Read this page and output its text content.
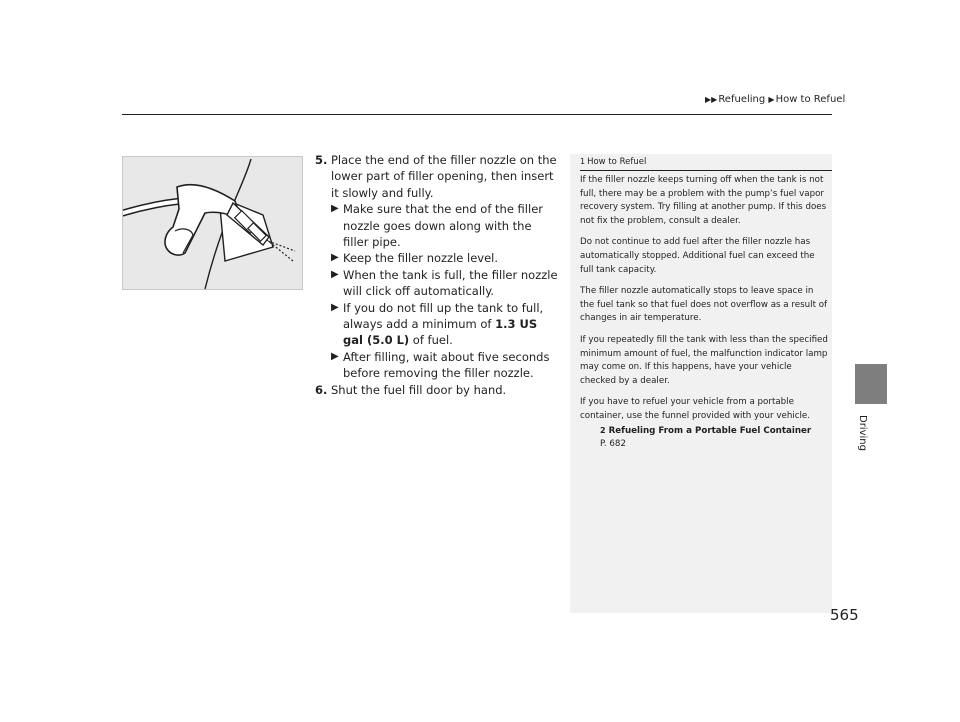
▶▶Refueling ▶How to Refuel
Driving
5. Place the end of the filler nozzle on the lower part of filler opening, then insert it slowly and fully.
▶ Make sure that the end of the filler nozzle goes down along with the filler pipe.
▶ Keep the filler nozzle level.
▶ When the tank is full, the filler nozzle will click off automatically.
▶ If you do not fill up the tank to full, always add a minimum of 1.3 US gal (5.0 L) of fuel.
▶ After filling, wait about five seconds before removing the filler nozzle.
6. Shut the fuel fill door by hand.
1 How to Refuel

If the filler nozzle keeps turning off when the tank is not full, there may be a problem with the pump’s fuel vapor recovery system. Try filling at another pump. If this does not fix the problem, consult a dealer.

Do not continue to add fuel after the filler nozzle has automatically stopped. Additional fuel can exceed the full tank capacity.

The filler nozzle automatically stops to leave space in the fuel tank so that fuel does not overflow as a result of changes in air temperature.

If you repeatedly fill the tank with less than the specified minimum amount of fuel, the malfunction indicator lamp may come on. If this happens, have your vehicle checked by a dealer.

If you have to refuel your vehicle from a portable container, use the funnel provided with your vehicle.

2 Refueling From a Portable Fuel Container
P. 682
565
